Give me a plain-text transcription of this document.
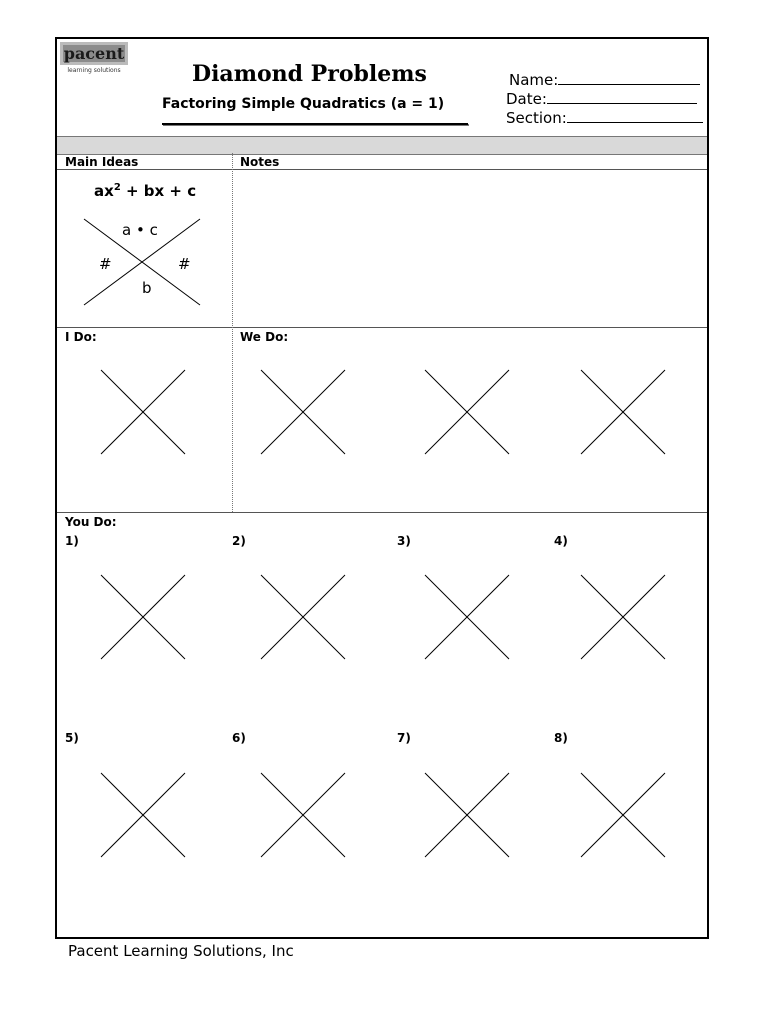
pacent
learning solutions	Diamond Problems
Factoring Simple Quadratics (a = 1)
Name:
Date:
Section:
Main Ideas	Notes
$ax^2$ + bx + c
a • c
#	#
b
I Do:	We Do:
You Do:
1)	2)	3)	4)
5)	6)	7)	8)
Pacent Learning Solutions, Inc
